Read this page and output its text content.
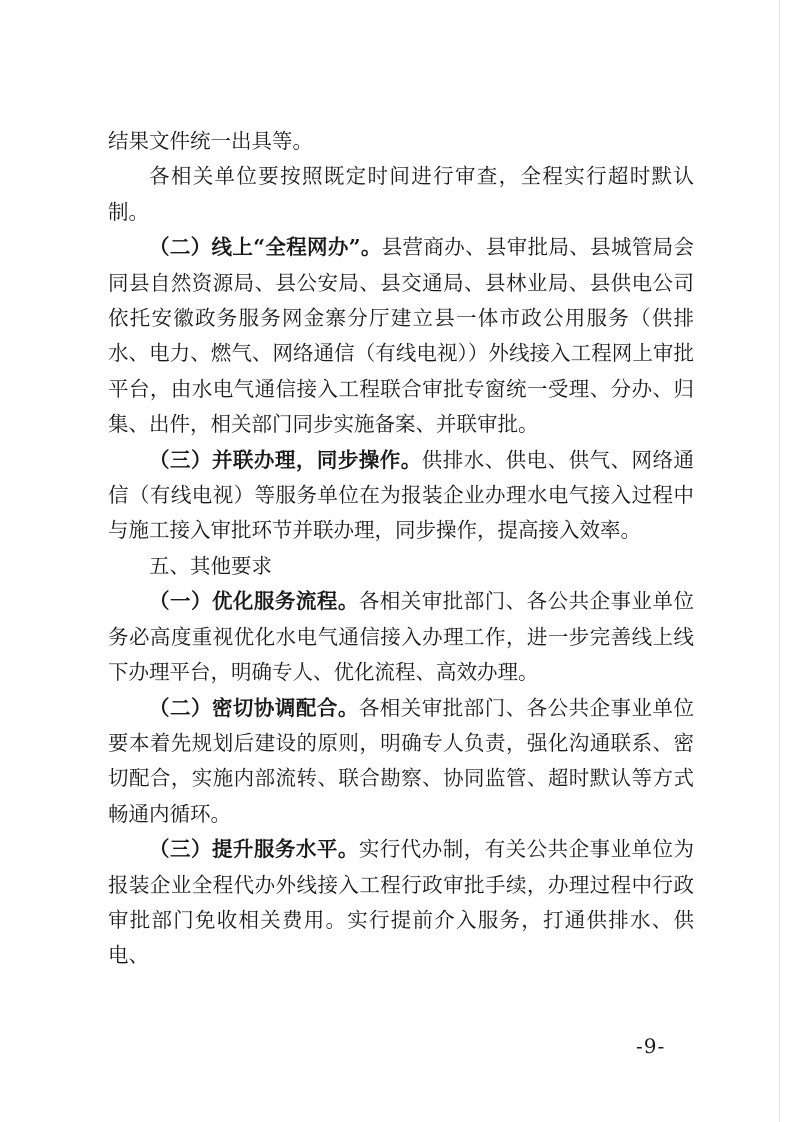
结果文件统一出具等。

各相关单位要按照既定时间进行审查，全程实行超时默认制。

（二）线上“全程网办”。县营商办、县审批局、县城管局会同县自然资源局、县公安局、县交通局、县林业局、县供电公司依托安徽政务服务网金寨分厅建立县一体市政公用服务（供排水、电力、燃气、网络通信（有线电视））外线接入工程网上审批平台，由水电气通信接入工程联合审批专窗统一受理、分办、归集、出件，相关部门同步实施备案、并联审批。

（三）并联办理，同步操作。供排水、供电、供气、网络通信（有线电视）等服务单位在为报装企业办理水电气接入过程中与施工接入审批环节并联办理，同步操作，提高接入效率。

五、其他要求

（一）优化服务流程。各相关审批部门、各公共企事业单位务必高度重视优化水电气通信接入办理工作，进一步完善线上线下办理平台，明确专人、优化流程、高效办理。

（二）密切协调配合。各相关审批部门、各公共企事业单位要本着先规划后建设的原则，明确专人负责，强化沟通联系、密切配合，实施内部流转、联合勘察、协同监管、超时默认等方式畅通内循环。

（三）提升服务水平。实行代办制，有关公共企事业单位为报装企业全程代办外线接入工程行政审批手续，办理过程中行政审批部门免收相关费用。实行提前介入服务，打通供排水、供电、

-9-
